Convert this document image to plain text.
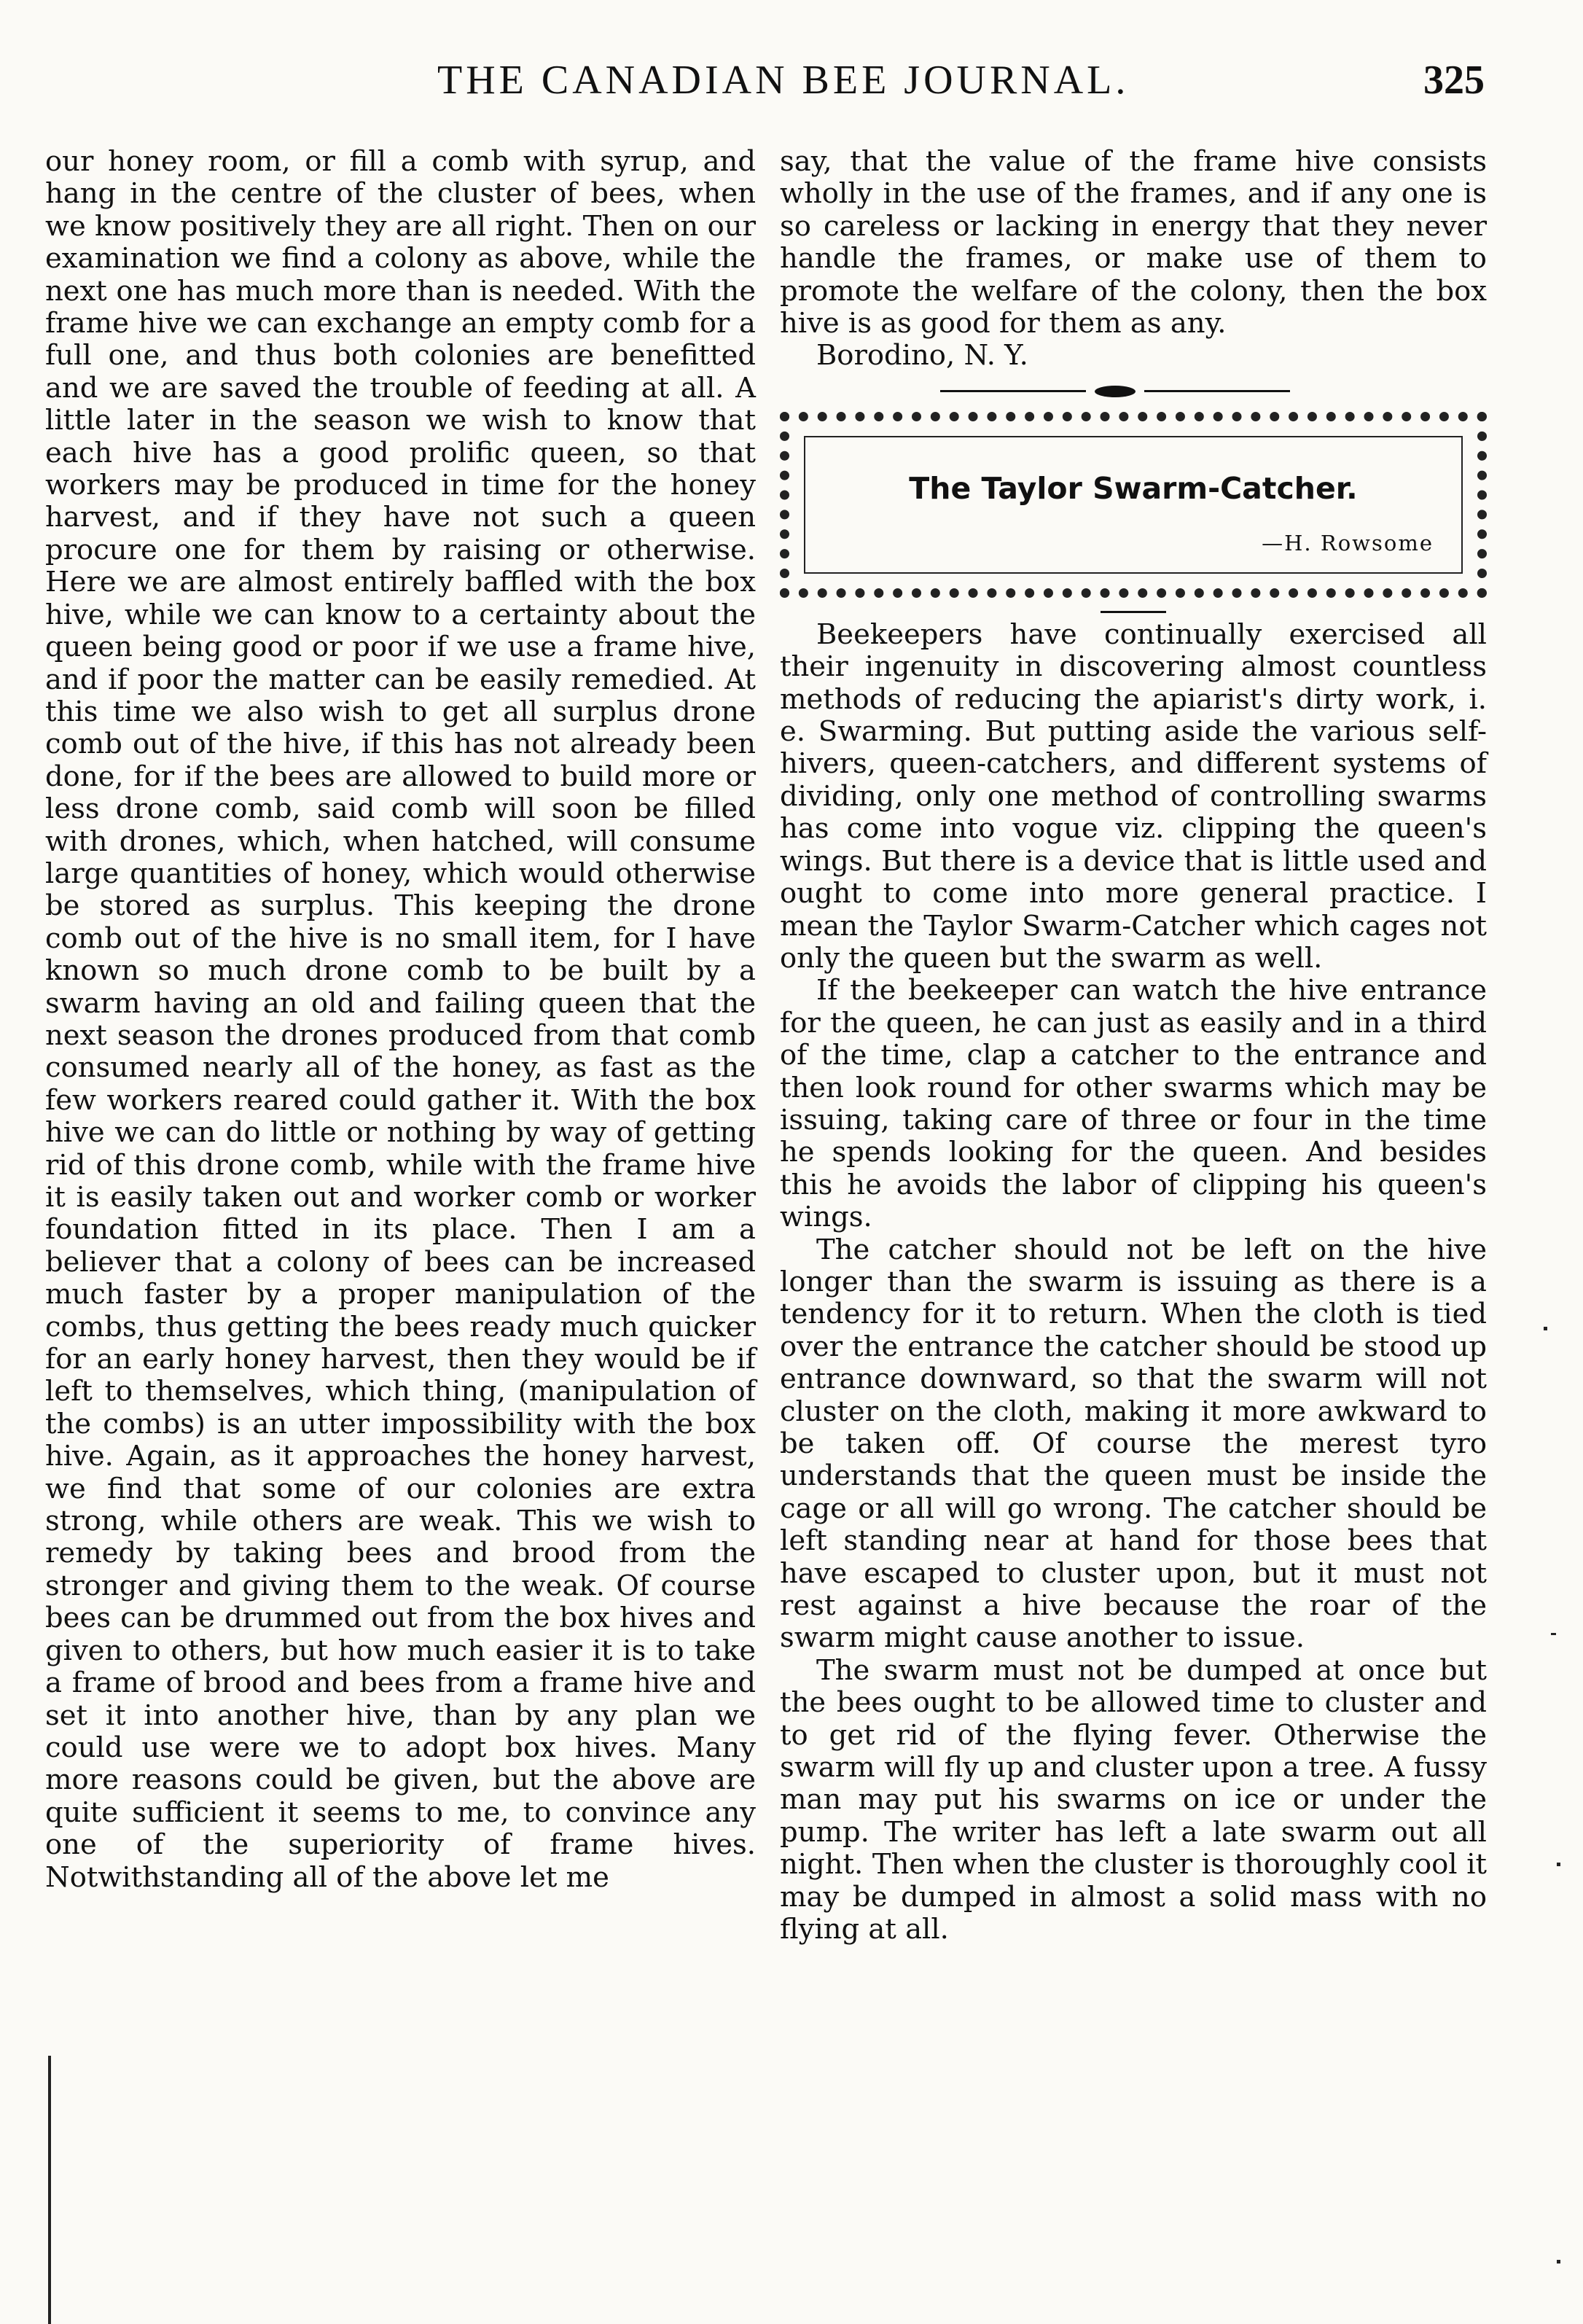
THE CANADIAN BEE JOURNAL.	325

our honey room, or fill a comb with syrup, and hang in the centre of the cluster of bees, when we know positively they are all right. Then on our examination we find a colony as above, while the next one has much more than is needed. With the frame hive we can exchange an empty comb for a full one, and thus both colonies are benefitted and we are saved the trouble of feeding at all. A little later in the season we wish to know that each hive has a good prolific queen, so that workers may be produced in time for the honey harvest, and if they have not such a queen procure one for them by raising or otherwise. Here we are almost entirely baffled with the box hive, while we can know to a certainty about the queen being good or poor if we use a frame hive, and if poor the matter can be easily remedied. At this time we also wish to get all surplus drone comb out of the hive, if this has not already been done, for if the bees are allowed to build more or less drone comb, said comb will soon be filled with drones, which, when hatched, will consume large quantities of honey, which would otherwise be stored as surplus. This keeping the drone comb out of the hive is no small item, for I have known so much drone comb to be built by a swarm having an old and failing queen that the next season the drones produced from that comb consumed nearly all of the honey, as fast as the few workers reared could gather it. With the box hive we can do little or nothing by way of getting rid of this drone comb, while with the frame hive it is easily taken out and worker comb or worker foundation fitted in its place. Then I am a believer that a colony of bees can be increased much faster by a proper manipulation of the combs, thus getting the bees ready much quicker for an early honey harvest, then they would be if left to themselves, which thing, (manipulation of the combs) is an utter impossibility with the box hive. Again, as it approaches the honey harvest, we find that some of our colonies are extra strong, while others are weak. This we wish to remedy by taking bees and brood from the stronger and giving them to the weak. Of course bees can be drummed out from the box hives and given to others, but how much easier it is to take a frame of brood and bees from a frame hive and set it into another hive, than by any plan we could use were we to adopt box hives. Many more reasons could be given, but the above are quite sufficient it seems to me, to convince any one of the superiority of frame hives. Notwithstanding all of the above let me

say, that the value of the frame hive consists wholly in the use of the frames, and if any one is so careless or lacking in energy that they never handle the frames, or make use of them to promote the welfare of the colony, then the box hive is as good for them as any.

Borodino, N. Y.

The Taylor Swarm-Catcher.
—H. Rowsome

Beekeepers have continually exercised all their ingenuity in discovering almost countless methods of reducing the apiarist's dirty work, i. e. Swarming. But putting aside the various self-hivers, queen-catchers, and different systems of dividing, only one method of controlling swarms has come into vogue viz. clipping the queen's wings. But there is a device that is little used and ought to come into more general practice. I mean the Taylor Swarm-Catcher which cages not only the queen but the swarm as well.

If the beekeeper can watch the hive entrance for the queen, he can just as easily and in a third of the time, clap a catcher to the entrance and then look round for other swarms which may be issuing, taking care of three or four in the time he spends looking for the queen. And besides this he avoids the labor of clipping his queen's wings.

The catcher should not be left on the hive longer than the swarm is issuing as there is a tendency for it to return. When the cloth is tied over the entrance the catcher should be stood up entrance downward, so that the swarm will not cluster on the cloth, making it more awkward to be taken off. Of course the merest tyro understands that the queen must be inside the cage or all will go wrong. The catcher should be left standing near at hand for those bees that have escaped to cluster upon, but it must not rest against a hive because the roar of the swarm might cause another to issue.

The swarm must not be dumped at once but the bees ought to be allowed time to cluster and to get rid of the flying fever. Otherwise the swarm will fly up and cluster upon a tree. A fussy man may put his swarms on ice or under the pump. The writer has left a late swarm out all night. Then when the cluster is thoroughly cool it may be dumped in almost a solid mass with no flying at all.
